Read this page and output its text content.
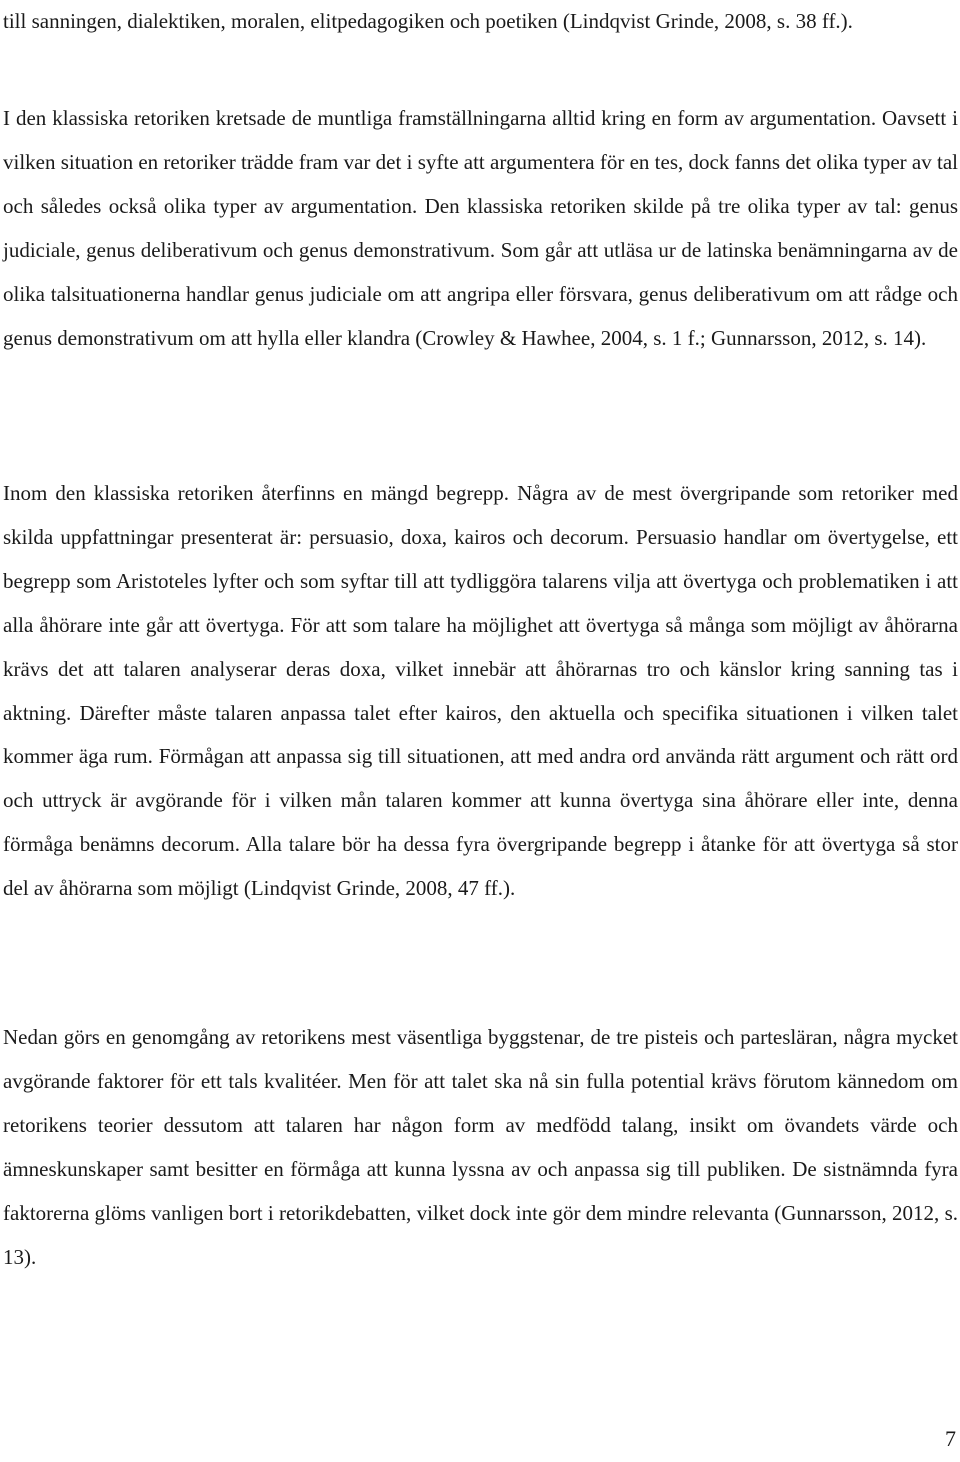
till sanningen, dialektiken, moralen, elitpedagogiken och poetiken (Lindqvist Grinde, 2008, s. 38 ff.).

I den klassiska retoriken kretsade de muntliga framställningarna alltid kring en form av argumentation. Oavsett i vilken situation en retoriker trädde fram var det i syfte att argumentera för en tes, dock fanns det olika typer av tal och således också olika typer av argumentation. Den klassiska retoriken skilde på tre olika typer av tal: genus judiciale, genus deliberativum och genus demonstrativum. Som går att utläsa ur de latinska benämningarna av de olika talsituationerna handlar genus judiciale om att angripa eller försvara, genus deliberativum om att rådge och genus demonstrativum om att hylla eller klandra (Crowley & Hawhee, 2004, s. 1 f.; Gunnarsson, 2012, s. 14).

Inom den klassiska retoriken återfinns en mängd begrepp. Några av de mest övergripande som retoriker med skilda uppfattningar presenterat är: persuasio, doxa, kairos och decorum. Persuasio handlar om övertygelse, ett begrepp som Aristoteles lyfter och som syftar till att tydliggöra talarens vilja att övertyga och problematiken i att alla åhörare inte går att övertyga. För att som talare ha möjlighet att övertyga så många som möjligt av åhörarna krävs det att talaren analyserar deras doxa, vilket innebär att åhörarnas tro och känslor kring sanning tas i aktning. Därefter måste talaren anpassa talet efter kairos, den aktuella och specifika situationen i vilken talet kommer äga rum. Förmågan att anpassa sig till situationen, att med andra ord använda rätt argument och rätt ord och uttryck är avgörande för i vilken mån talaren kommer att kunna övertyga sina åhörare eller inte, denna förmåga benämns decorum. Alla talare bör ha dessa fyra övergripande begrepp i åtanke för att övertyga så stor del av åhörarna som möjligt (Lindqvist Grinde, 2008, 47 ff.).

Nedan görs en genomgång av retorikens mest väsentliga byggstenar, de tre pisteis och partesläran, några mycket avgörande faktorer för ett tals kvalitéer. Men för att talet ska nå sin fulla potential krävs förutom kännedom om retorikens teorier dessutom att talaren har någon form av medfödd talang, insikt om övandets värde och ämneskunskaper samt besitter en förmåga att kunna lyssna av och anpassa sig till publiken. De sistnämnda fyra faktorerna glöms vanligen bort i retorikdebatten, vilket dock inte gör dem mindre relevanta (Gunnarsson, 2012, s. 13).

7
